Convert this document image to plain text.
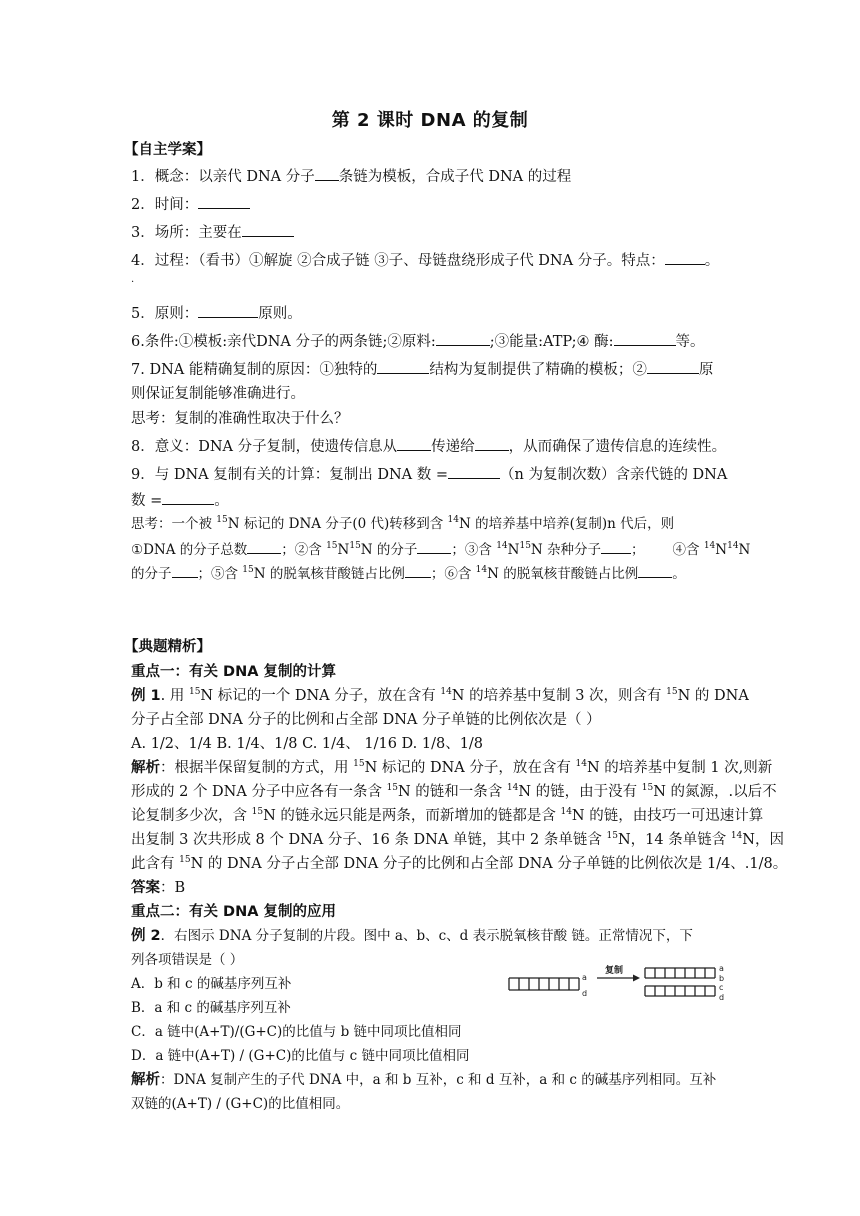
第 2 课时 DNA 的复制
【自主学案】
1．概念：以亲代 DNA 分子 条链为模板，合成子代 DNA 的过程
2．时间：
3．场所：主要在
4．过程：（看书）①解旋 ②合成子链 ③子、母链盘绕形成子代 DNA 分子。特点：	。
.
5．原则：	原则。
6.条件:①模板:亲代DNA 分子的两条链;②原料:	;③能量:ATP;④ 酶:	等。
7. DNA 能精确复制的原因：①独特的	结构为复制提供了精确的模板；②	原
则保证复制能够准确进行。
思考：复制的准确性取决于什么？
8．意义：DNA 分子复制，使遗传信息从 传递给 ，从而确保了遗传信息的连续性。
9．与 DNA 复制有关的计算：复制出 DNA 数 =	（n 为复制次数）含亲代链的 DNA
数 =	。
思考：一个被 $^{15}$N 标记的 DNA 分子(0 代)转移到含 $^{14}$N 的培养基中培养(复制)n 代后，则
①DNA 的分子总数	；②含 $^{15}N^{15}N$ 的分子	；③含 $^{14}N^{15}N$ 杂种分子 ； ④含 $^{14}N^{14}N$
的分子 ；⑤含 $^{15}$N 的脱氧核苷酸链占比例 ；⑥含 $^{14}$N 的脱氧核苷酸链占比例	。
【典题精析】
重点一：有关 DNA 复制的计算
例 1. 用 $^{15}$N 标记的一个 DNA 分子，放在含有 $^{14}$N 的培养基中复制 3 次，则含有 $^{15}$N 的 DNA
分子占全部 DNA 分子的比例和占全部 DNA 分子单链的比例依次是（ ）
A. 1/2、1/4 B. 1/4、1/8 C. 1/4、 1/16 D. 1/8、1/8
解析：根据半保留复制的方式，用 $^{15}$N 标记的 DNA 分子，放在含有 $^{14}$N 的培养基中复制 1 次,则新
形成的 2 个 DNA 分子中应各有一条含 $^{15}$N 的链和一条含 $^{14}$N 的链，由于没有 $^{15}$N 的氮源，.以后不
论复制多少次，含 $^{15}$N 的链永远只能是两条，而新增加的链都是含 $^{14}$N 的链，由技巧一可迅速计算
出复制 3 次共形成 8 个 DNA 分子、16 条 DNA 单链，其中 2 条单链含 $^{15}$N，14 条单链含 $^{14}$N，因
此含有 $^{15}$N 的 DNA 分子占全部 DNA 分子的比例和占全部 DNA 分子单链的比例依次是 1/4、.1/8。
答案：B
重点二：有关 DNA 复制的应用
例 2．右图示 DNA 分子复制的片段。图中 a、b、c、d 表示脱氧核苷酸 链。正常情况下，下
列各项错误是（ ）
A．b 和 c 的碱基序列互补
B．a 和 c 的碱基序列互补
C．a 链中(A+T)/(G+C)的比值与 b 链中同项比值相同
D．a 链中(A+T) / (G+C)的比值与 c 链中同项比值相同
解析：DNA 复制产生的子代 DNA 中，a 和 b 互补，c 和 d 互补，a 和 c 的碱基序列相同。互补
双链的(A+T) / (G+C)的比值相同。
a
d
复制	a
b
c
d
